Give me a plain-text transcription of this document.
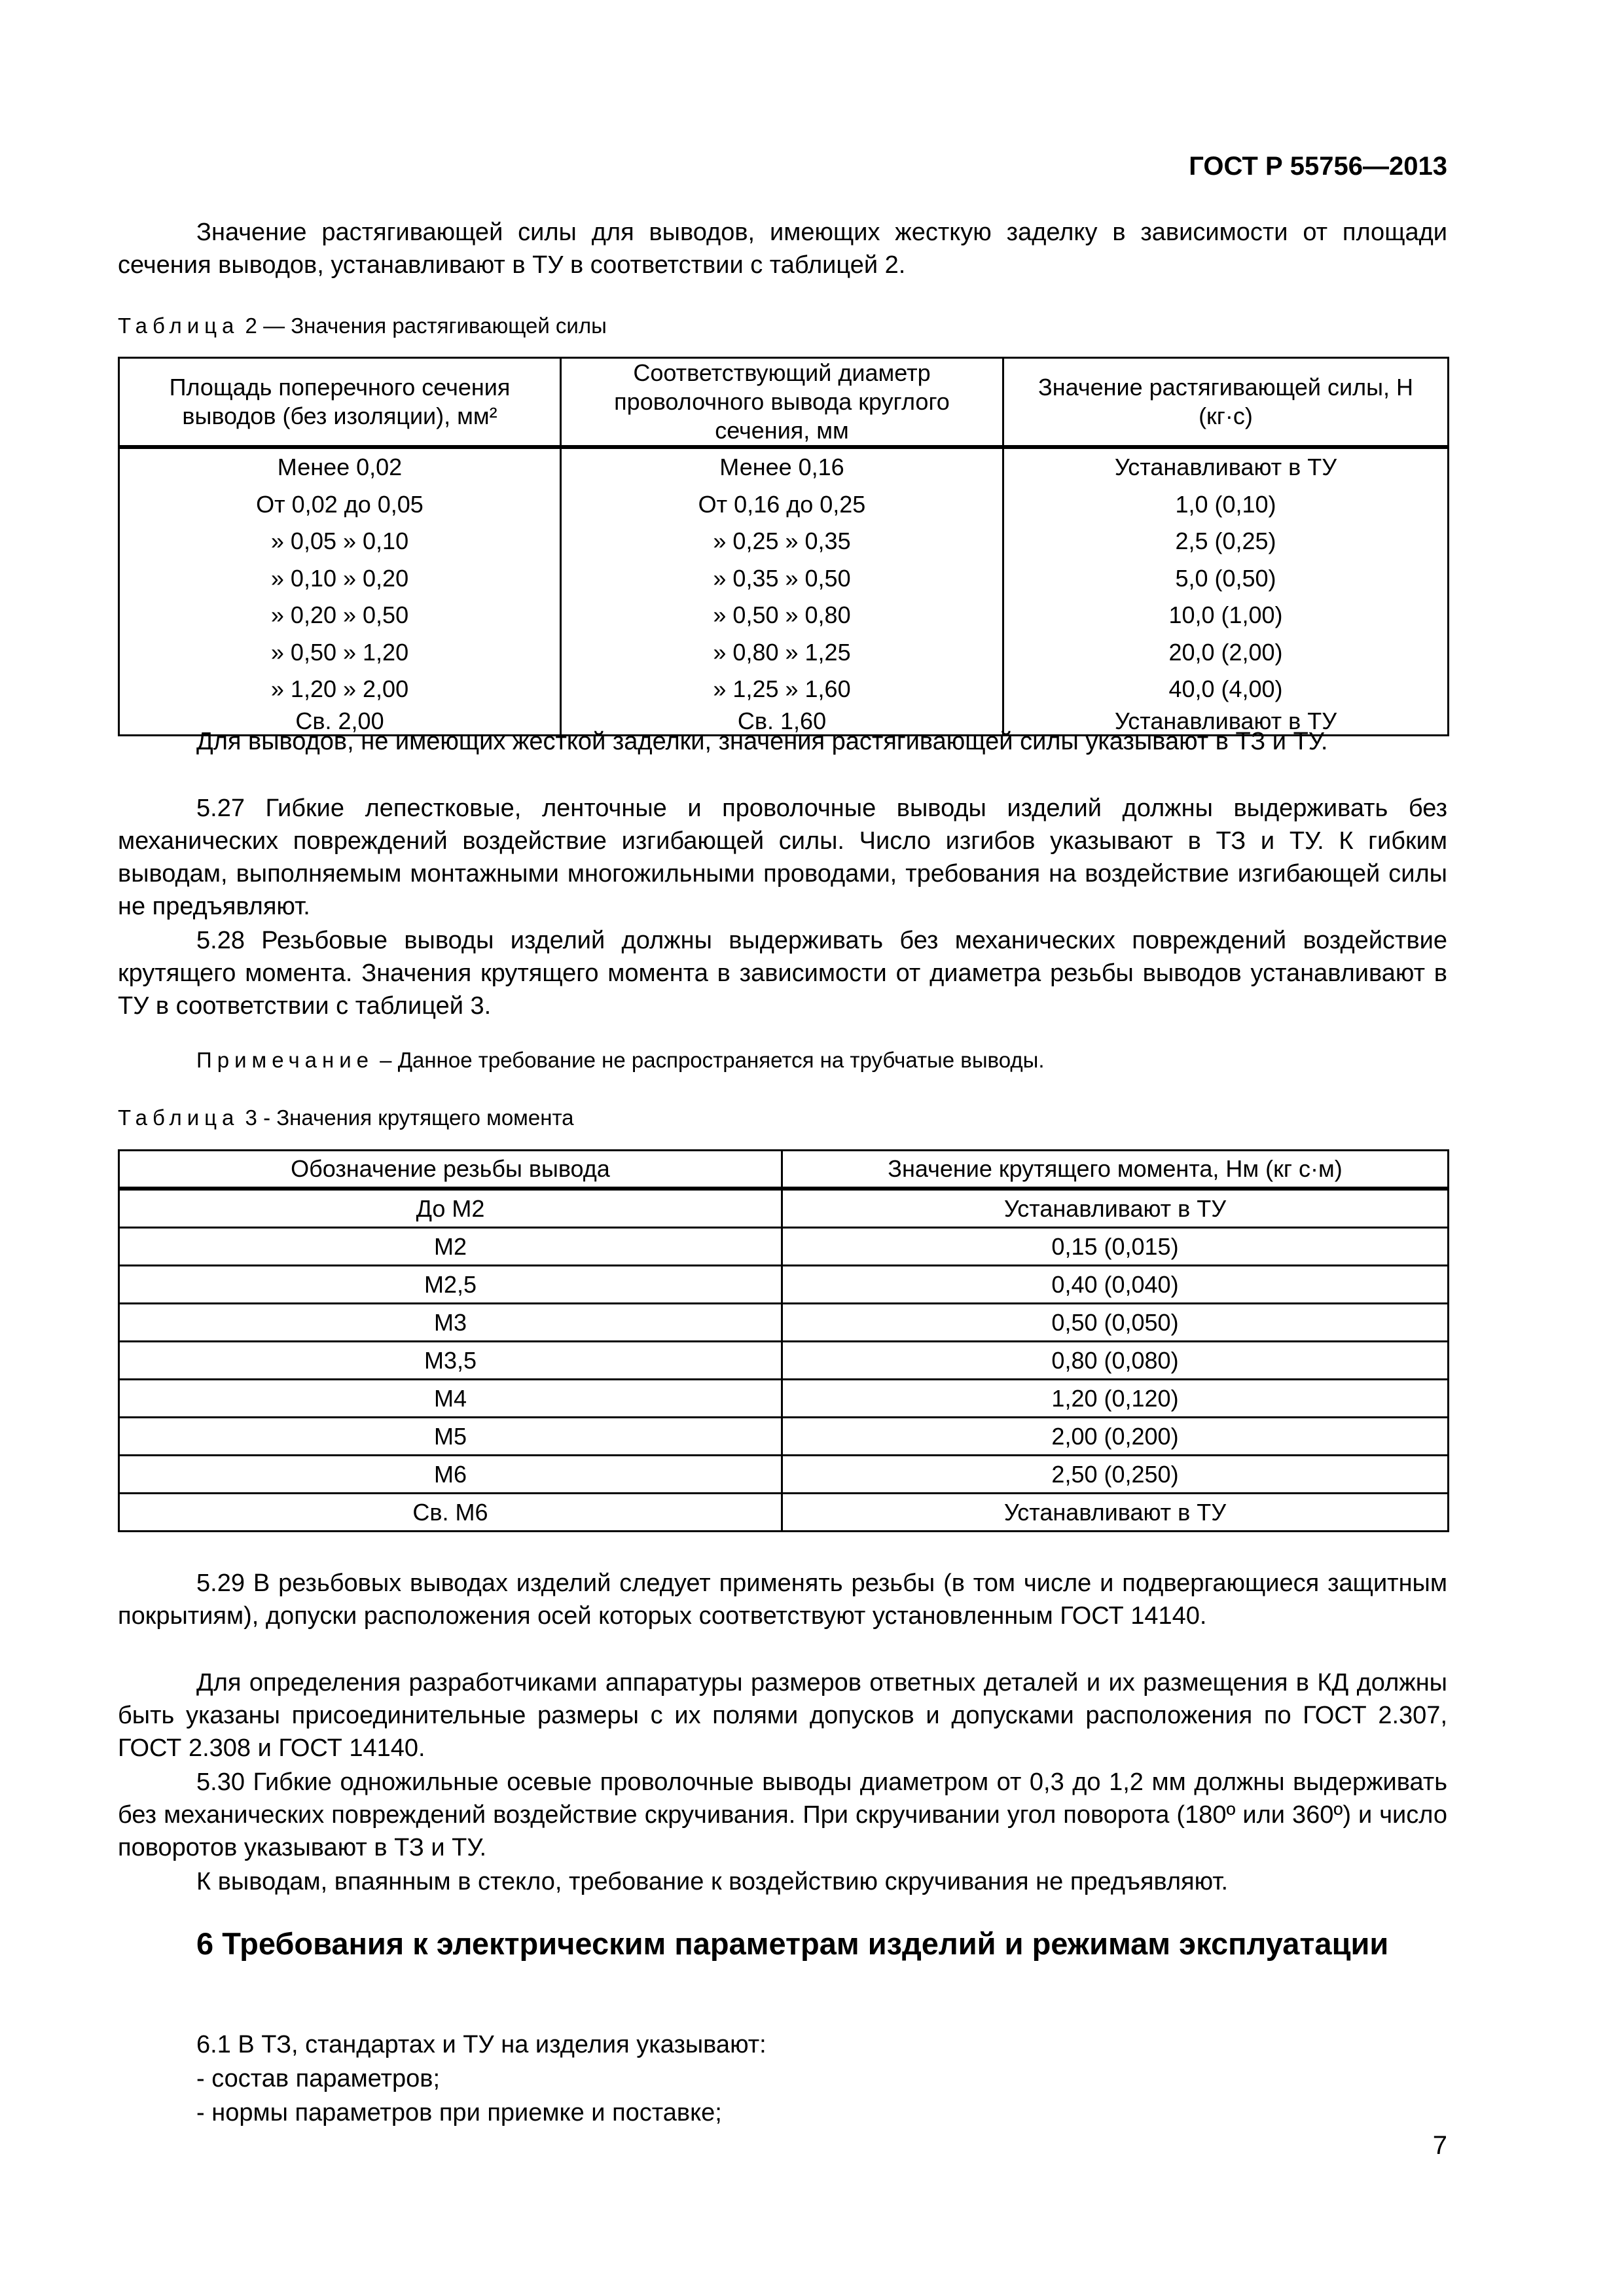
ГОСТ Р 55756—2013

Значение растягивающей силы для выводов, имеющих жесткую заделку в зависимости от площади сечения выводов, устанавливают в ТУ в соответствии с таблицей 2.

Таблица 2 — Значения растягивающей силы
Площадь поперечного сечения выводов (без изоляции), мм²	Соответствующий диаметр проволочного вывода круглого сечения, мм	Значение растягивающей силы, Н (кг·с)
Менее 0,02	Менее 0,16	Устанавливают в ТУ
От 0,02 до 0,05	От 0,16 до 0,25	1,0 (0,10)
» 0,05 » 0,10	» 0,25 » 0,35	2,5 (0,25)
» 0,10 » 0,20	» 0,35 » 0,50	5,0 (0,50)
» 0,20 » 0,50	» 0,50 » 0,80	10,0 (1,00)
» 0,50 » 1,20	» 0,80 » 1,25	20,0 (2,00)
» 1,20 » 2,00	» 1,25 » 1,60	40,0 (4,00)
Св. 2,00	Св. 1,60	Устанавливают в ТУ

Для выводов, не имеющих жесткой заделки, значения растягивающей силы указывают в ТЗ и ТУ.

5.27 Гибкие лепестковые, ленточные и проволочные выводы изделий должны выдерживать без механических повреждений воздействие изгибающей силы. Число изгибов указывают в ТЗ и ТУ. К гибким выводам, выполняемым монтажными многожильными проводами, требования на воздействие изгибающей силы не предъявляют.

5.28 Резьбовые выводы изделий должны выдерживать без механических повреждений воздействие крутящего момента. Значения крутящего момента в зависимости от диаметра резьбы выводов устанавливают в ТУ в соответствии с таблицей 3.

Примечание – Данное требование не распространяется на трубчатые выводы.
Таблица 3 - Значения крутящего момента
Обозначение резьбы вывода	Значение крутящего момента, Нм (кг с·м)
До М2	Устанавливают в ТУ
М2	0,15 (0,015)
М2,5	0,40 (0,040)
М3	0,50 (0,050)
М3,5	0,80 (0,080)
М4	1,20 (0,120)
М5	2,00 (0,200)
М6	2,50 (0,250)
Св. М6	Устанавливают в ТУ

5.29 В резьбовых выводах изделий следует применять резьбы (в том числе и подвергающиеся защитным покрытиям), допуски расположения осей которых соответствуют установленным ГОСТ 14140.

Для определения разработчиками аппаратуры размеров ответных деталей и их размещения в КД должны быть указаны присоединительные размеры с их полями допусков и допусками расположения по ГОСТ 2.307, ГОСТ 2.308 и ГОСТ 14140.

5.30 Гибкие одножильные осевые проволочные выводы диаметром от 0,3 до 1,2 мм должны выдерживать без механических повреждений воздействие скручивания. При скручивании угол поворота (180º или 360º) и число поворотов указывают в ТЗ и ТУ.

К выводам, впаянным в стекло, требование к воздействию скручивания не предъявляют.

6 Требования к электрическим параметрам изделий и режимам эксплуатации

6.1 В ТЗ, стандартах и ТУ на изделия указывают:
- состав параметров;
- нормы параметров при приемке и поставке;
7
